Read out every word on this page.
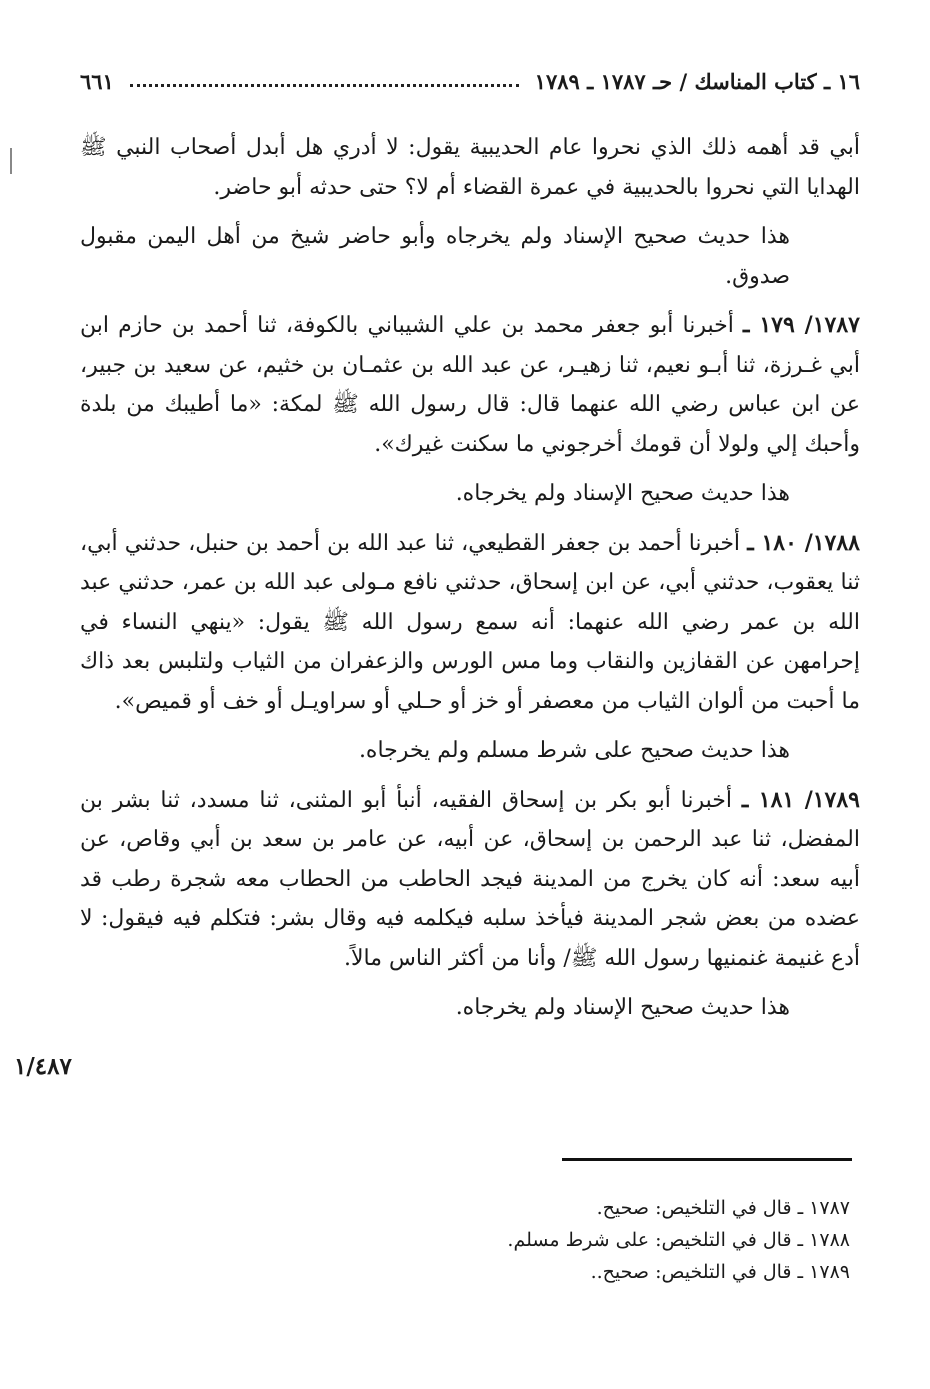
١٦ ـ كتاب المناسك / حـ ١٧٨٧ ـ ١٧٨٩
٦٦١

أبي قد أهمه ذلك الذي نحروا عام الحديبية يقول: لا أدري هل أبدل أصحاب النبي ﷺ الهدايا التي نحروا بالحديبية في عمرة القضاء أم لا؟ حتى حدثه أبو حاضر.

هذا حديث صحيح الإسناد ولم يخرجاه وأبو حاضر شيخ من أهل اليمن مقبول صدوق.

١٧٨٧/ ١٧٩ ـ أخبرنا أبو جعفر محمد بن علي الشيباني بالكوفة، ثنا أحمد بن حازم ابن أبي غـرزة، ثنا أبـو نعيم، ثنا زهيـر، عن عبد الله بن عثمـان بن خثيم، عن سعيد بن جبير، عن ابن عباس رضي الله عنهما قال: قال رسول الله ﷺ لمكة: «ما أطيبك من بلدة وأحبك إلي ولولا أن قومك أخرجوني ما سكنت غيرك».

هذا حديث صحيح الإسناد ولم يخرجاه.

١٧٨٨/ ١٨٠ ـ أخبرنا أحمد بن جعفر القطيعي، ثنا عبد الله بن أحمد بن حنبل، حدثني أبي، ثنا يعقوب، حدثني أبي، عن ابن إسحاق، حدثني نافع مـولى عبد الله بن عمر، حدثني عبد الله بن عمر رضي الله عنهما: أنه سمع رسول الله ﷺ يقول: «ينهي النساء في إحرامهن عن القفازين والنقاب وما مس الورس والزعفران من الثياب ولتلبس بعد ذاك ما أحبت من ألوان الثياب من معصفر أو خز أو حـلي أو سراويـل أو خف أو قميص».

هذا حديث صحيح على شرط مسلم ولم يخرجاه.

١٧٨٩/ ١٨١ ـ أخبرنا أبو بكر بن إسحاق الفقيه، أنبأ أبو المثنى، ثنا مسدد، ثنا بشر بن المفضل، ثنا عبد الرحمن بن إسحاق، عن أبيه، عن عامر بن سعد بن أبي وقاص، عن أبيه سعد: أنه كان يخرج من المدينة فيجد الحاطب من الحطاب معه شجرة رطب قد عضده من بعض شجر المدينة فيأخذ سلبه فيكلمه فيه وقال بشر: فتكلم فيه فيقول: لا أدع غنيمة غنمنيها رسول الله ﷺ/ وأنا من أكثر الناس مالاً.

هذا حديث صحيح الإسناد ولم يخرجاه.

١٧٨٧ ـ قال في التلخيص: صحيح.
١٧٨٨ ـ قال في التلخيص: على شرط مسلم.
١٧٨٩ ـ قال في التلخيص: صحيح..
١/٤٨٧
